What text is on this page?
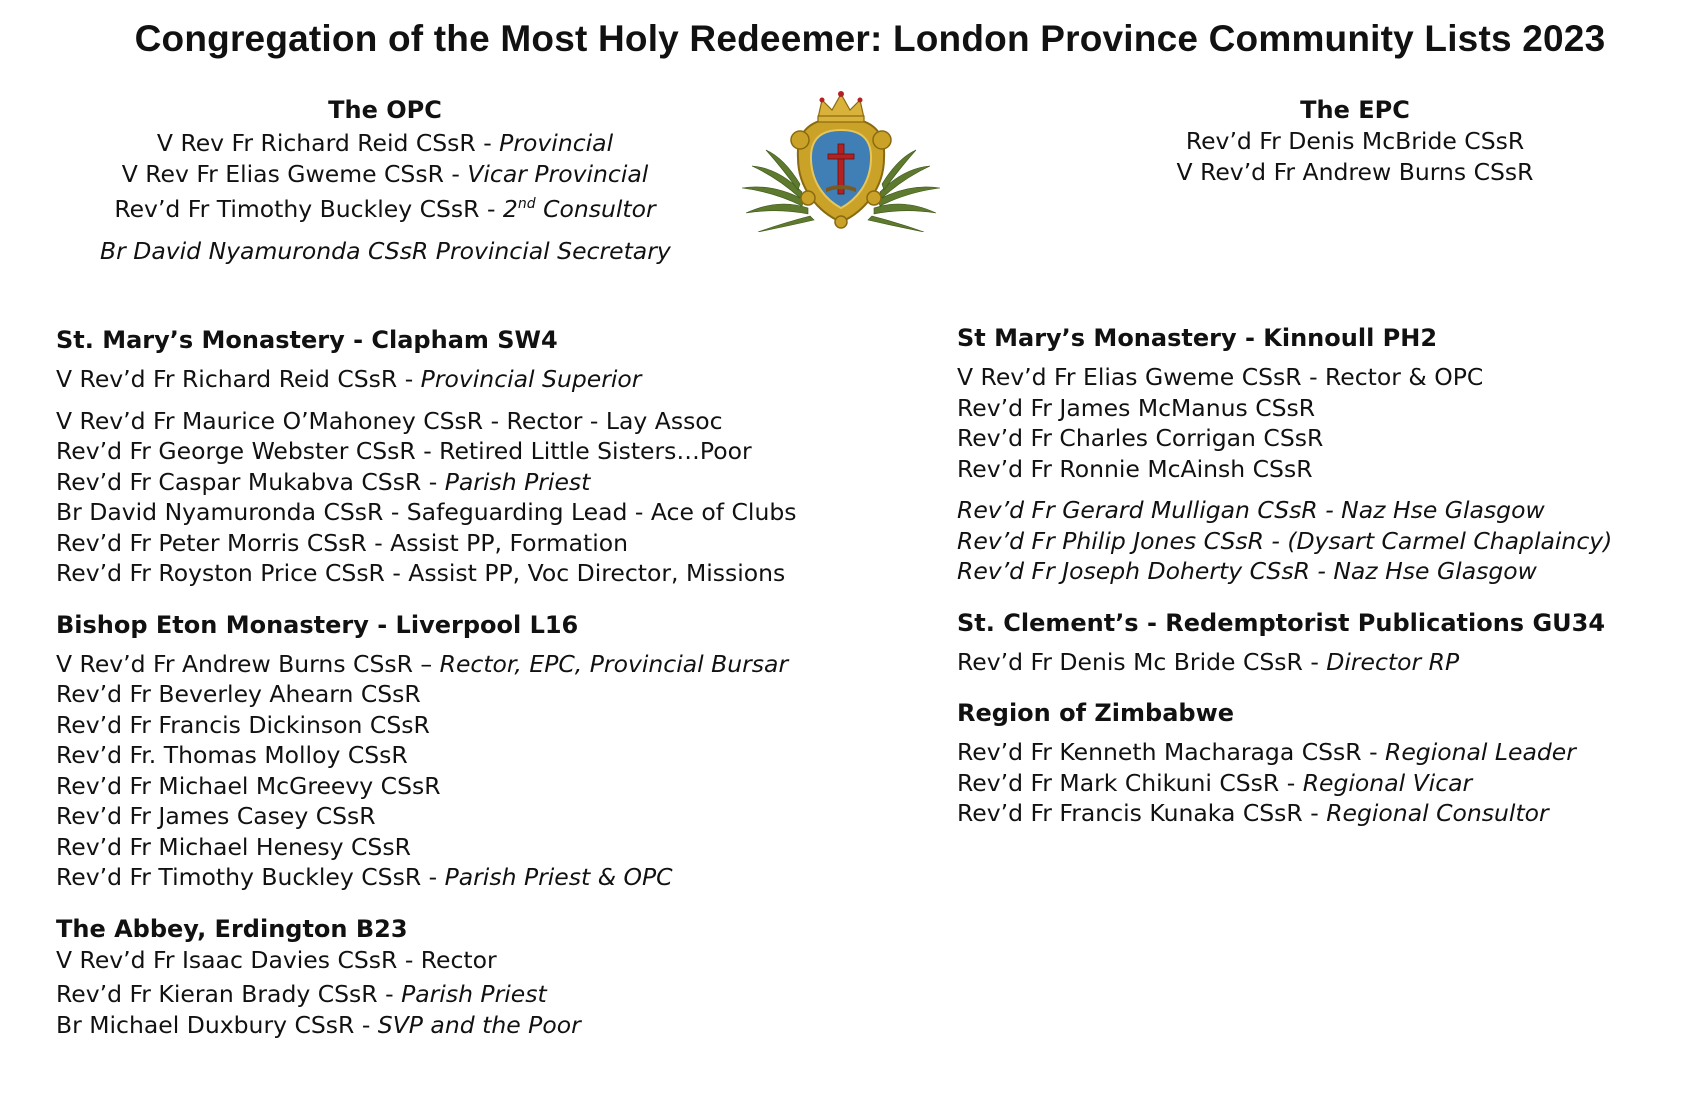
Congregation of the Most Holy Redeemer: London Province Community Lists 2023
The OPC
V Rev Fr Richard Reid CSsR - Provincial
V Rev Fr Elias Gweme CSsR - Vicar Provincial
Rev’d Fr Timothy Buckley CSsR - 2nd Consultor
Br David Nyamuronda CSsR Provincial Secretary
The EPC
Rev’d Fr Denis McBride CSsR
V Rev’d Fr Andrew Burns CSsR
St. Mary’s Monastery - Clapham SW4
V Rev’d Fr Richard Reid CSsR - Provincial Superior
V Rev’d Fr Maurice O’Mahoney CSsR - Rector - Lay Assoc
Rev’d Fr George Webster CSsR - Retired Little Sisters…Poor
Rev’d Fr Caspar Mukabva CSsR - Parish Priest
Br David Nyamuronda CSsR - Safeguarding Lead - Ace of Clubs
Rev’d Fr Peter Morris CSsR - Assist PP, Formation
Rev’d Fr Royston Price CSsR - Assist PP, Voc Director, Missions
Bishop Eton Monastery - Liverpool L16
V Rev’d Fr Andrew Burns CSsR – Rector, EPC, Provincial Bursar
Rev’d Fr Beverley Ahearn CSsR
Rev’d Fr Francis Dickinson CSsR
Rev’d Fr. Thomas Molloy CSsR
Rev’d Fr Michael McGreevy CSsR
Rev’d Fr James Casey CSsR
Rev’d Fr Michael Henesy CSsR
Rev’d Fr Timothy Buckley CSsR - Parish Priest & OPC
The Abbey, Erdington B23
V Rev’d Fr Isaac Davies CSsR - Rector
Rev’d Fr Kieran Brady CSsR - Parish Priest
Br Michael Duxbury CSsR - SVP and the Poor
St Mary’s Monastery - Kinnoull PH2
V Rev’d Fr Elias Gweme CSsR - Rector & OPC
Rev’d Fr James McManus CSsR
Rev’d Fr Charles Corrigan CSsR
Rev’d Fr Ronnie McAinsh CSsR
Rev’d Fr Gerard Mulligan CSsR - Naz Hse Glasgow
Rev’d Fr Philip Jones CSsR - (Dysart Carmel Chaplaincy)
Rev’d Fr Joseph Doherty CSsR - Naz Hse Glasgow
St. Clement’s - Redemptorist Publications GU34
Rev’d Fr Denis Mc Bride CSsR - Director RP
Region of Zimbabwe
Rev’d Fr Kenneth Macharaga CSsR - Regional Leader
Rev’d Fr Mark Chikuni CSsR - Regional Vicar
Rev’d Fr Francis Kunaka CSsR - Regional Consultor
